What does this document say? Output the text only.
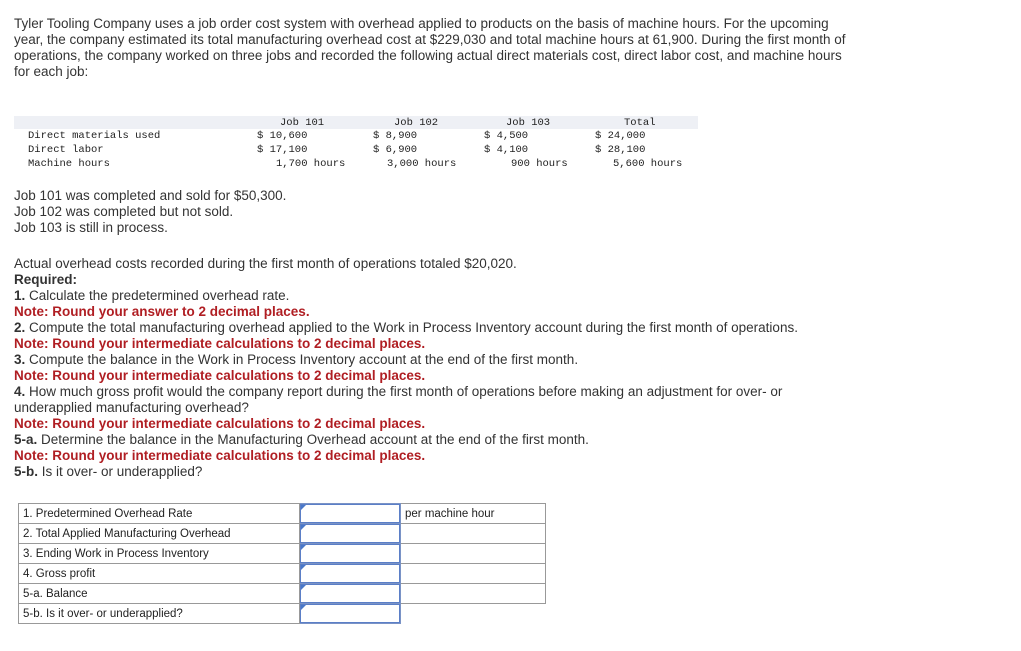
Tyler Tooling Company uses a job order cost system with overhead applied to products on the basis of machine hours. For the upcoming year, the company estimated its total manufacturing overhead cost at $229,030 and total machine hours at 61,900. During the first month of operations, the company worked on three jobs and recorded the following actual direct materials cost, direct labor cost, and machine hours for each job:

Job 101	Job 102	Job 103	Total
Direct materials used	$ 10,600	$ 8,900	$ 4,500	$ 24,000
Direct labor	$ 17,100	$ 6,900	$ 4,100	$ 28,100
Machine hours	1,700 hours	3,000 hours	900 hours	5,600 hours
Job 101 was completed and sold for $50,300.
Job 102 was completed but not sold.
Job 103 is still in process.

Actual overhead costs recorded during the first month of operations totaled $20,020.

Required:

1. Calculate the predetermined overhead rate.

Note: Round your answer to 2 decimal places.

2. Compute the total manufacturing overhead applied to the Work in Process Inventory account during the first month of operations.

Note: Round your intermediate calculations to 2 decimal places.

3. Compute the balance in the Work in Process Inventory account at the end of the first month.

Note: Round your intermediate calculations to 2 decimal places.

4. How much gross profit would the company report during the first month of operations before making an adjustment for over- or underapplied manufacturing overhead?

Note: Round your intermediate calculations to 2 decimal places.

5-a. Determine the balance in the Manufacturing Overhead account at the end of the first month.

Note: Round your intermediate calculations to 2 decimal places.

5-b. Is it over- or underapplied?

1. Predetermined Overhead Rate		per machine hour
2. Total Applied Manufacturing Overhead	

3. Ending Work in Process Inventory	

4. Gross profit	

5-a. Balance	

5-b. Is it over- or underapplied?	
